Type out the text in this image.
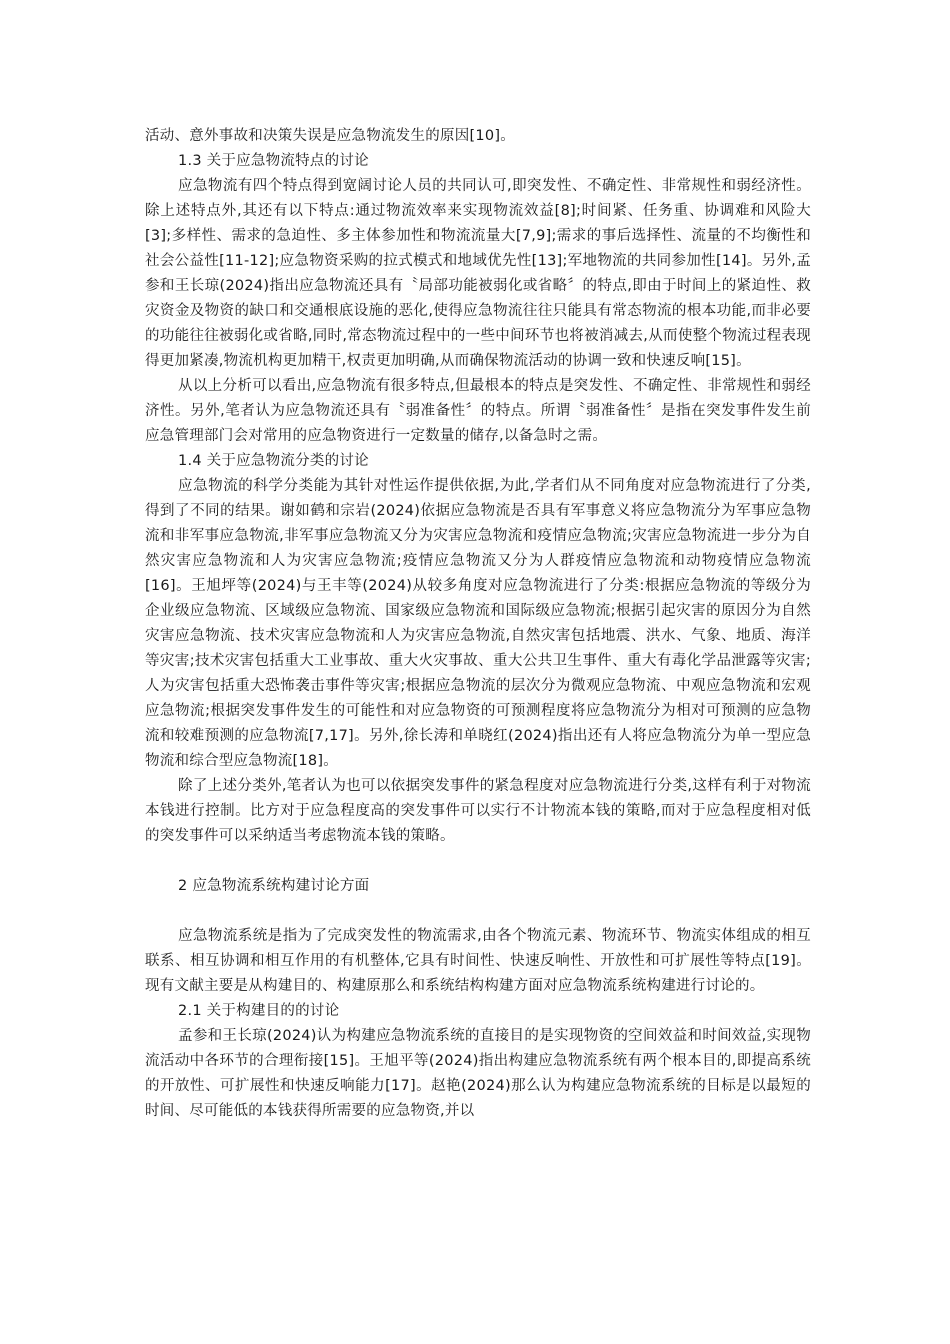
活动、意外事故和决策失误是应急物流发生的原因[10]。

1.3 关于应急物流特点的讨论

应急物流有四个特点得到宽阔讨论人员的共同认可,即突发性、不确定性、非常规性和弱经济性。除上述特点外,其还有以下特点:通过物流效率来实现物流效益[8];时间紧、任务重、协调难和风险大[3];多样性、需求的急迫性、多主体参加性和物流流量大[7,9];需求的事后选择性、流量的不均衡性和社会公益性[11-12];应急物资采购的拉式模式和地域优先性[13];军地物流的共同参加性[14]。另外,孟参和王长琼(2024)指出应急物流还具有〝局部功能被弱化或省略〞的特点,即由于时间上的紧迫性、救灾资金及物资的缺口和交通根底设施的恶化,使得应急物流往往只能具有常态物流的根本功能,而非必要的功能往往被弱化或省略,同时,常态物流过程中的一些中间环节也将被消减去,从而使整个物流过程表现得更加紧凑,物流机构更加精干,权责更加明确,从而确保物流活动的协调一致和快速反响[15]。

从以上分析可以看出,应急物流有很多特点,但最根本的特点是突发性、不确定性、非常规性和弱经济性。另外,笔者认为应急物流还具有〝弱准备性〞的特点。所谓〝弱准备性〞是指在突发事件发生前应急管理部门会对常用的应急物资进行一定数量的储存,以备急时之需。

1.4 关于应急物流分类的讨论

应急物流的科学分类能为其针对性运作提供依据,为此,学者们从不同角度对应急物流进行了分类,得到了不同的结果。谢如鹤和宗岩(2024)依据应急物流是否具有军事意义将应急物流分为军事应急物流和非军事应急物流,非军事应急物流又分为灾害应急物流和疫情应急物流;灾害应急物流进一步分为自然灾害应急物流和人为灾害应急物流;疫情应急物流又分为人群疫情应急物流和动物疫情应急物流[16]。王旭坪等(2024)与王丰等(2024)从较多角度对应急物流进行了分类:根据应急物流的等级分为企业级应急物流、区域级应急物流、国家级应急物流和国际级应急物流;根据引起灾害的原因分为自然灾害应急物流、技术灾害应急物流和人为灾害应急物流,自然灾害包括地震、洪水、气象、地质、海洋等灾害;技术灾害包括重大工业事故、重大火灾事故、重大公共卫生事件、重大有毒化学品泄露等灾害;人为灾害包括重大恐怖袭击事件等灾害;根据应急物流的层次分为微观应急物流、中观应急物流和宏观应急物流;根据突发事件发生的可能性和对应急物资的可预测程度将应急物流分为相对可预测的应急物流和较难预测的应急物流[7,17]。另外,徐长涛和单晓红(2024)指出还有人将应急物流分为单一型应急物流和综合型应急物流[18]。

除了上述分类外,笔者认为也可以依据突发事件的紧急程度对应急物流进行分类,这样有利于对物流本钱进行控制。比方对于应急程度高的突发事件可以实行不计物流本钱的策略,而对于应急程度相对低的突发事件可以采纳适当考虑物流本钱的策略。

2 应急物流系统构建讨论方面

应急物流系统是指为了完成突发性的物流需求,由各个物流元素、物流环节、物流实体组成的相互联系、相互协调和相互作用的有机整体,它具有时间性、快速反响性、开放性和可扩展性等特点[19]。现有文献主要是从构建目的、构建原那么和系统结构构建方面对应急物流系统构建进行讨论的。

2.1 关于构建目的的讨论

孟参和王长琼(2024)认为构建应急物流系统的直接目的是实现物资的空间效益和时间效益,实现物流活动中各环节的合理衔接[15]。王旭平等(2024)指出构建应急物流系统有两个根本目的,即提高系统的开放性、可扩展性和快速反响能力[17]。赵艳(2024)那么认为构建应急物流系统的目标是以最短的时间、尽可能低的本钱获得所需要的应急物资,并以
